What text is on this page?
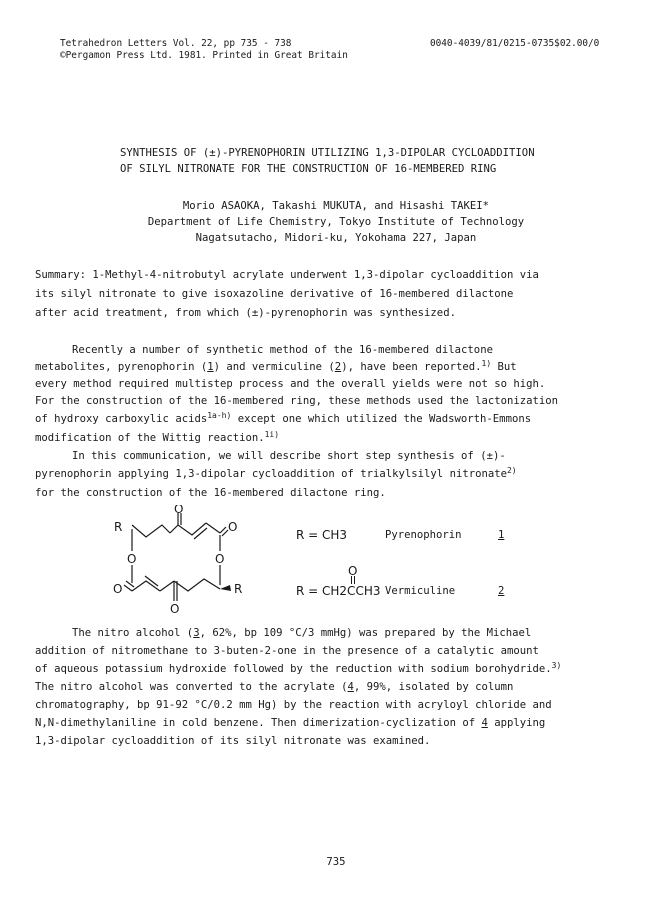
Tetrahedron Letters Vol. 22, pp 735 - 738
©Pergamon Press Ltd. 1981. Printed in Great Britain
0040-4039/81/0215-0735$02.00/0
SYNTHESIS OF (±)-PYRENOPHORIN UTILIZING 1,3-DIPOLAR CYCLOADDITION
OF SILYL NITRONATE FOR THE CONSTRUCTION OF 16-MEMBERED RING
Morio ASAOKA, Takashi MUKUTA, and Hisashi TAKEI*
Department of Life Chemistry, Tokyo Institute of Technology
Nagatsutacho, Midori-ku, Yokohama 227, Japan
Summary: 1-Methyl-4-nitrobutyl acrylate underwent 1,3-dipolar cycloaddition via
its silyl nitronate to give isoxazoline derivative of 16-membered dilactone
after acid treatment, from which (±)-pyrenophorin was synthesized.
Recently a number of synthetic method of the 16-membered dilactone
metabolites, pyrenophorin (1) and vermiculine (2), have been reported.$^{1)}$ But
every method required multistep process and the overall yields were not so high.
For the construction of the 16-membered ring, these methods used the lactonization
of hydroxy carboxylic acids$^{1a-h)}$ except one which utilized the Wadsworth-Emmons
modification of the Wittig reaction.$^{1i)}$
In this communication, we will describe short step synthesis of (±)-
pyrenophorin applying 1,3-dipolar cycloaddition of trialkylsilyl nitronate$^{2)}$
for the construction of the 16-membered dilactone ring.
R
O
O
O	O
O
O
R
R = CH3	Pyrenophorin	1
O
R = CH2CCH3 Vermiculine	2
The nitro alcohol (3, 62%, bp 109 °C/3 mmHg) was prepared by the Michael
addition of nitromethane to 3-buten-2-one in the presence of a catalytic amount
of aqueous potassium hydroxide followed by the reduction with sodium borohydride.$^{3)}$
The nitro alcohol was converted to the acrylate (4, 99%, isolated by column
chromatography, bp 91-92 °C/0.2 mm Hg) by the reaction with acryloyl chloride and
N,N-dimethylaniline in cold benzene. Then dimerization-cyclization of 4 applying
1,3-dipolar cycloaddition of its silyl nitronate was examined.
735
